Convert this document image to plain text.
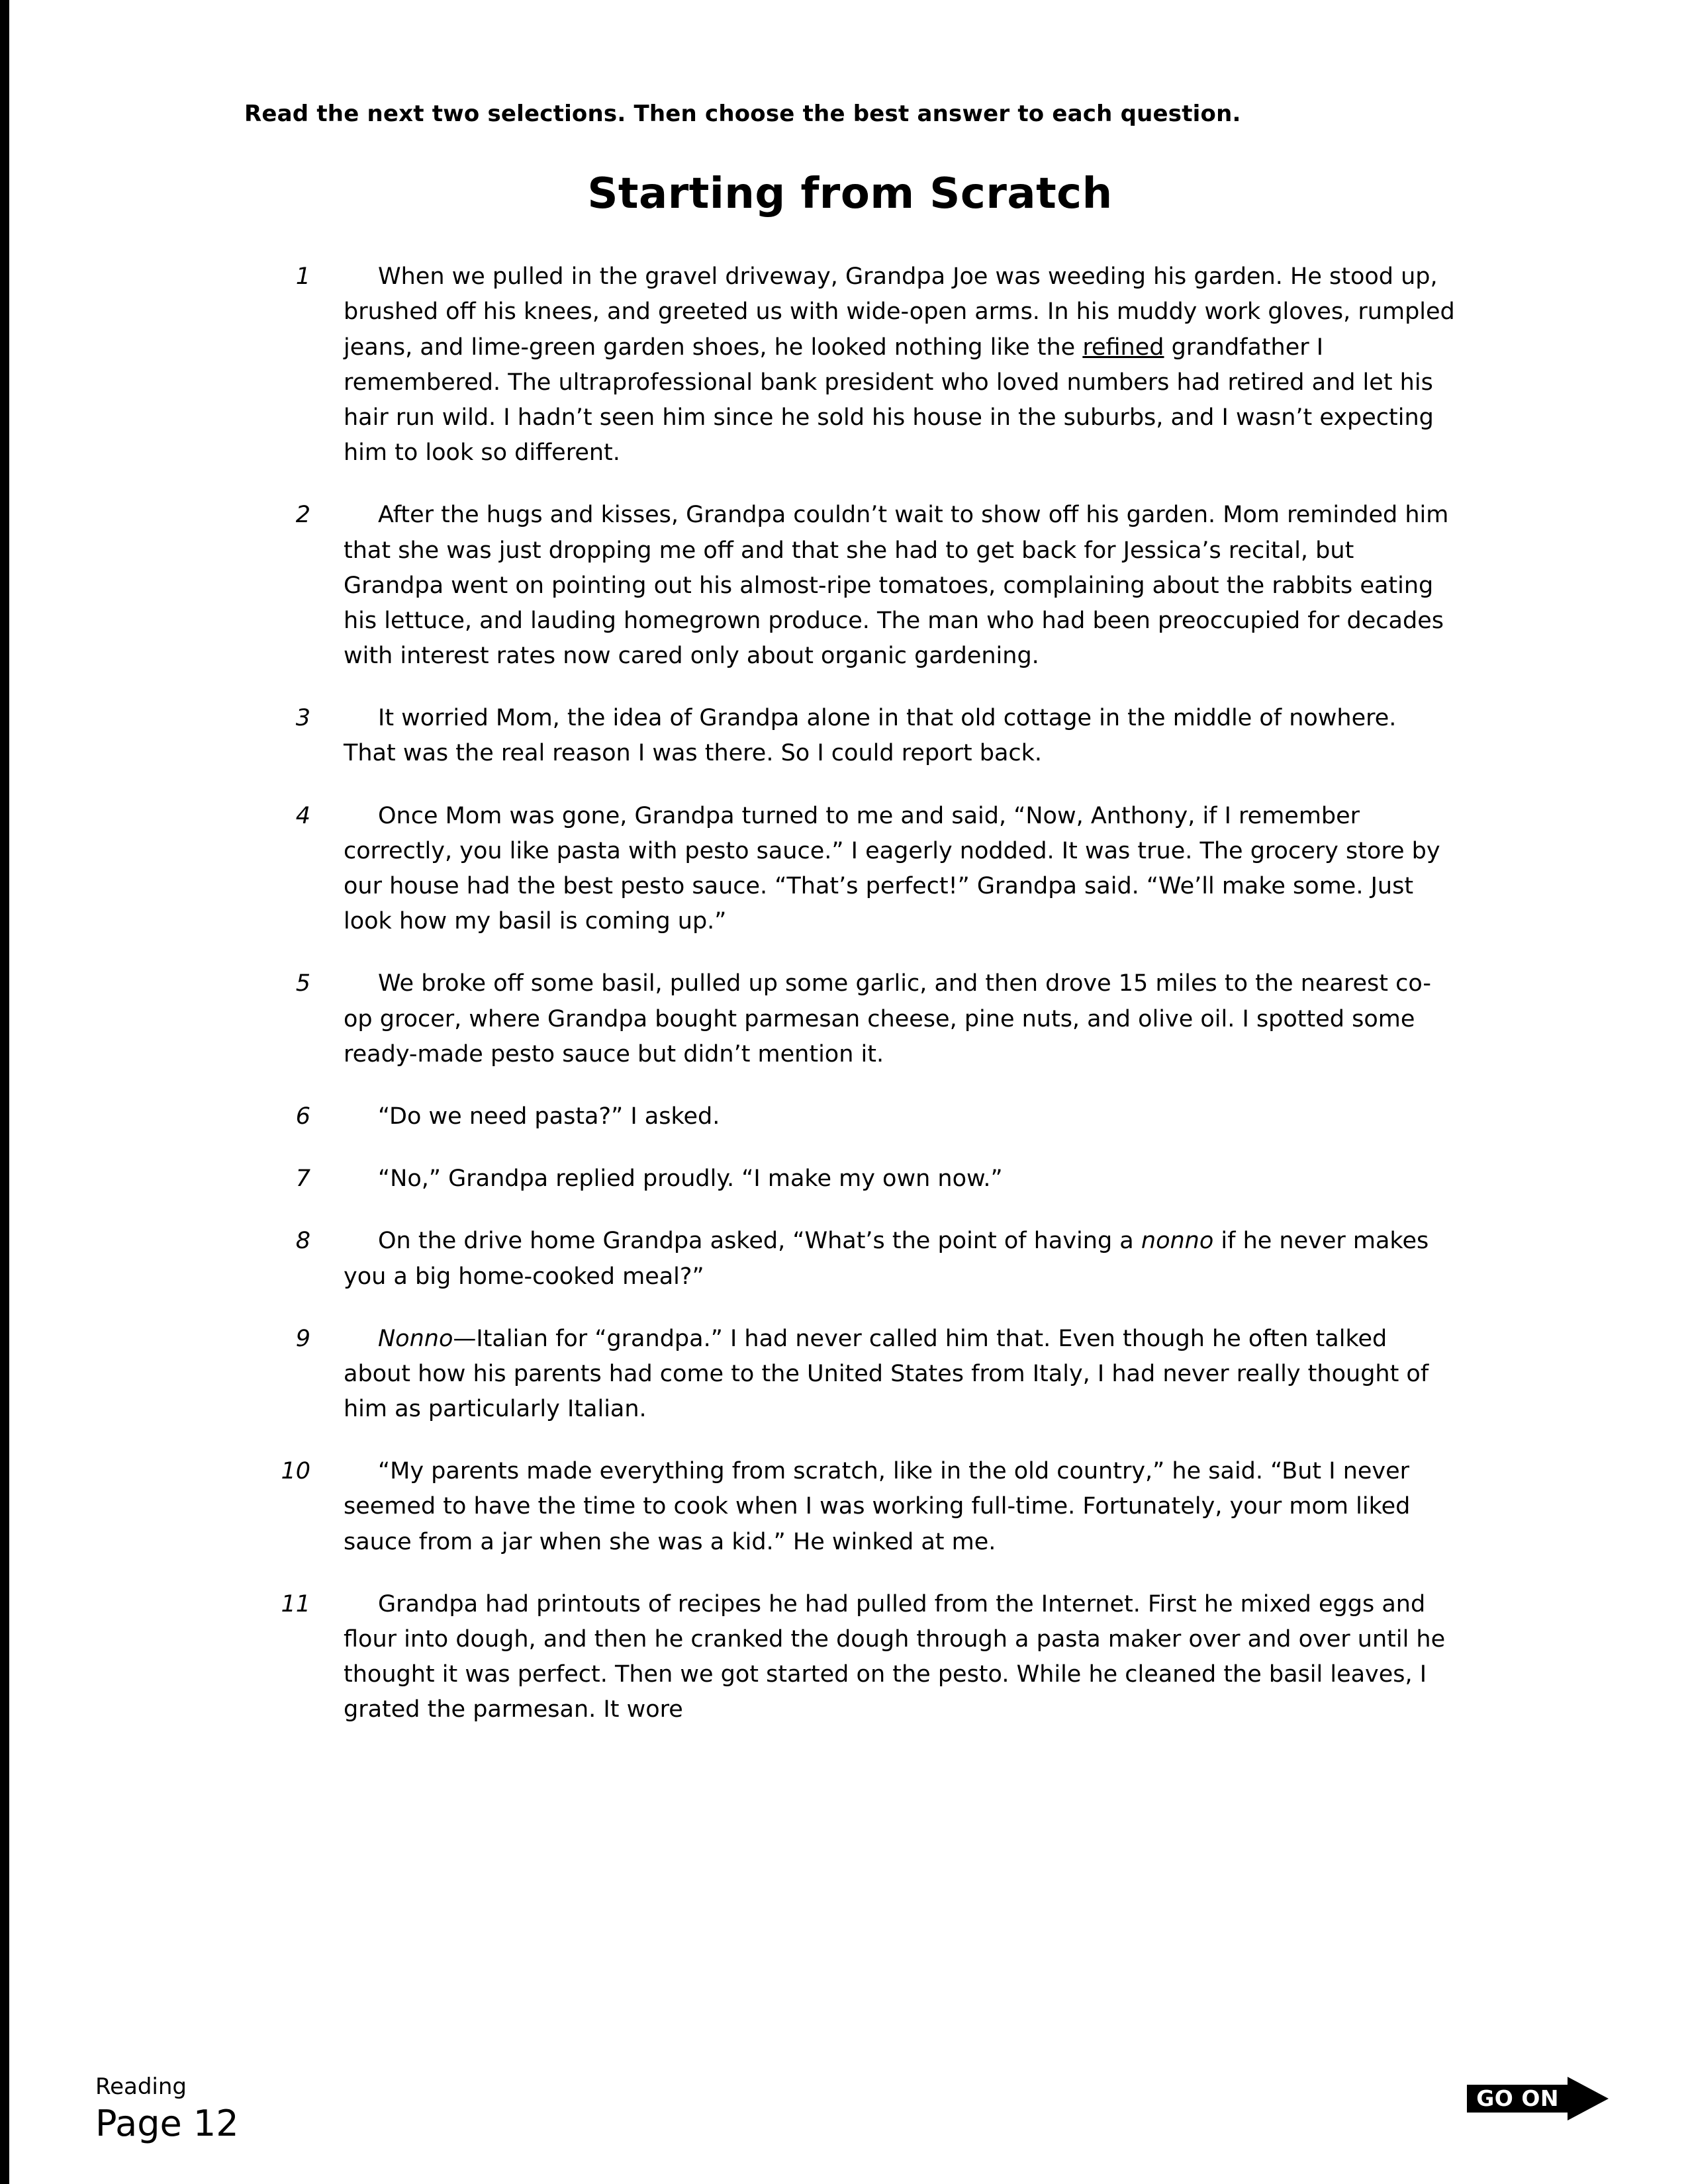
Read the next two selections. Then choose the best answer to each question.
Starting from Scratch
1	When we pulled in the gravel driveway, Grandpa Joe was weeding his garden. He stood up, brushed off his knees, and greeted us with wide-open arms. In his muddy work gloves, rumpled jeans, and lime-green garden shoes, he looked nothing like the refined grandfather I remembered. The ultraprofessional bank president who loved numbers had retired and let his hair run wild. I hadn’t seen him since he sold his house in the suburbs, and I wasn’t expecting him to look so different.
2	After the hugs and kisses, Grandpa couldn’t wait to show off his garden. Mom reminded him that she was just dropping me off and that she had to get back for Jessica’s recital, but Grandpa went on pointing out his almost-ripe tomatoes, complaining about the rabbits eating his lettuce, and lauding homegrown produce. The man who had been preoccupied for decades with interest rates now cared only about organic gardening.
3	It worried Mom, the idea of Grandpa alone in that old cottage in the middle of nowhere. That was the real reason I was there. So I could report back.
4	Once Mom was gone, Grandpa turned to me and said, “Now, Anthony, if I remember correctly, you like pasta with pesto sauce.” I eagerly nodded. It was true. The grocery store by our house had the best pesto sauce. “That’s perfect!” Grandpa said. “We’ll make some. Just look how my basil is coming up.”
5	We broke off some basil, pulled up some garlic, and then drove 15 miles to the nearest co-op grocer, where Grandpa bought parmesan cheese, pine nuts, and olive oil. I spotted some ready-made pesto sauce but didn’t mention it.
6	“Do we need pasta?” I asked.
7	“No,” Grandpa replied proudly. “I make my own now.”
8	On the drive home Grandpa asked, “What’s the point of having a nonno if he never makes you a big home-cooked meal?”
9	Nonno—Italian for “grandpa.” I had never called him that. Even though he often talked about how his parents had come to the United States from Italy, I had never really thought of him as particularly Italian.
10	“My parents made everything from scratch, like in the old country,” he said. “But I never seemed to have the time to cook when I was working full-time. Fortunately, your mom liked sauce from a jar when she was a kid.” He winked at me.
11	Grandpa had printouts of recipes he had pulled from the Internet. First he mixed eggs and flour into dough, and then he cranked the dough through a pasta maker over and over until he thought it was perfect. Then we got started on the pesto. While he cleaned the basil leaves, I grated the parmesan. It wore
Reading
Page 12
GO ON
